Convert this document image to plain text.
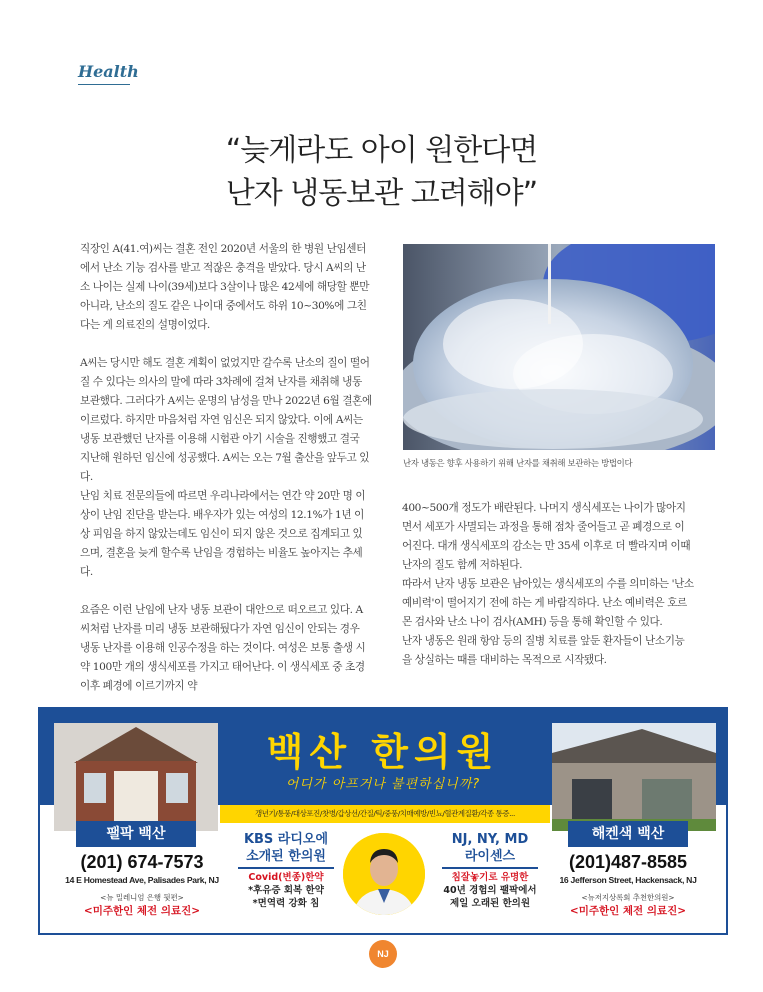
Health
“늦게라도 아이 원한다면
난자 냉동보관 고려해야”

직장인 A(41.여)씨는 결혼 전인 2020년 서울의 한 병원 난임센터에서 난소 기능 검사를 받고 적잖은 충격을 받았다. 당시 A씨의 난소 나이는 실제 나이(39세)보다 3살이나 많은 42세에 해당할 뿐만 아니라, 난소의 질도 같은 나이대 중에서도 하위 10~30%에 그친다는 게 의료진의 설명이었다.

A씨는 당시만 해도 결혼 계획이 없었지만 갈수록 난소의 질이 떨어질 수 있다는 의사의 말에 따라 3차례에 걸쳐 난자를 채취해 냉동 보관했다. 그러다가 A씨는 운명의 남성을 만나 2022년 6월 결혼에 이르렀다. 하지만 마음처럼 자연 임신은 되지 않았다. 이에 A씨는 냉동 보관했던 난자를 이용해 시험관 아기 시술을 진행했고 결국 지난해 원하던 임신에 성공했다. A씨는 오는 7월 출산을 앞두고 있다.
난임 치료 전문의들에 따르면 우리나라에서는 연간 약 20만 명 이상이 난임 진단을 받는다. 배우자가 있는 여성의 12.1%가 1년 이상 피임을 하지 않았는데도 임신이 되지 않은 것으로 집계되고 있으며, 결혼을 늦게 할수록 난임을 경험하는 비율도 높아지는 추세다.

요즘은 이런 난임에 난자 냉동 보관이 대안으로 떠오르고 있다. A씨처럼 난자를 미리 냉동 보관해뒀다가 자연 임신이 안되는 경우 냉동 난자를 이용해 인공수정을 하는 것이다. 여성은 보통 출생 시 약 100만 개의 생식세포를 가지고 태어난다. 이 생식세포 중 초경 이후 폐경에 이르기까지 약

난자 냉동은 향후 사용하기 위해 난자를 채취해 보관하는 방법이다

400~500개 정도가 배란된다. 나머지 생식세포는 나이가 많아지면서 세포가 사멸되는 과정을 통해 점차 줄어들고 곧 폐경으로 이어진다. 대개 생식세포의 감소는 만 35세 이후로 더 빨라지며 이때 난자의 질도 함께 저하된다.

따라서 난자 냉동 보관은 남아있는 생식세포의 수를 의미하는 '난소 예비력'이 떨어지기 전에 하는 게 바람직하다. 난소 예비력은 호르몬 검사와 난소 나이 검사(AMH) 등을 통해 확인할 수 있다.

난자 냉동은 원래 항암 등의 질병 치료를 앞둔 환자들이 난소기능을 상실하는 때를 대비하는 목적으로 시작됐다.

백산 한의원
어디가 아프거나 불편하십니까?
갱년기/통풍/대상포진/찻병/갑상선/간질/틱/중풍/치매예방/빈뇨/혈관계질환/각종 통증...
팰팍 백산	해켄색 백산
(201) 674-7573
14 E Homestead Ave, Palisades Park, NJ
<뉴 밀레니엄 은행 뒷편>
<미주한인 체전 의료진>
(201)487-8585
16 Jefferson Street, Hackensack, NJ
<뉴저지상록회 추천한의원>
<미주한인 체전 의료진>
KBS 라디오에
소개된 한의원
Covid(변종)한약
*후유증 회복 한약
*면역력 강화 침
NJ, NY, MD
라이센스
침잘놓기로 유명한
40년 경험의 팰팍에서
제일 오래된 한의원
NJ
